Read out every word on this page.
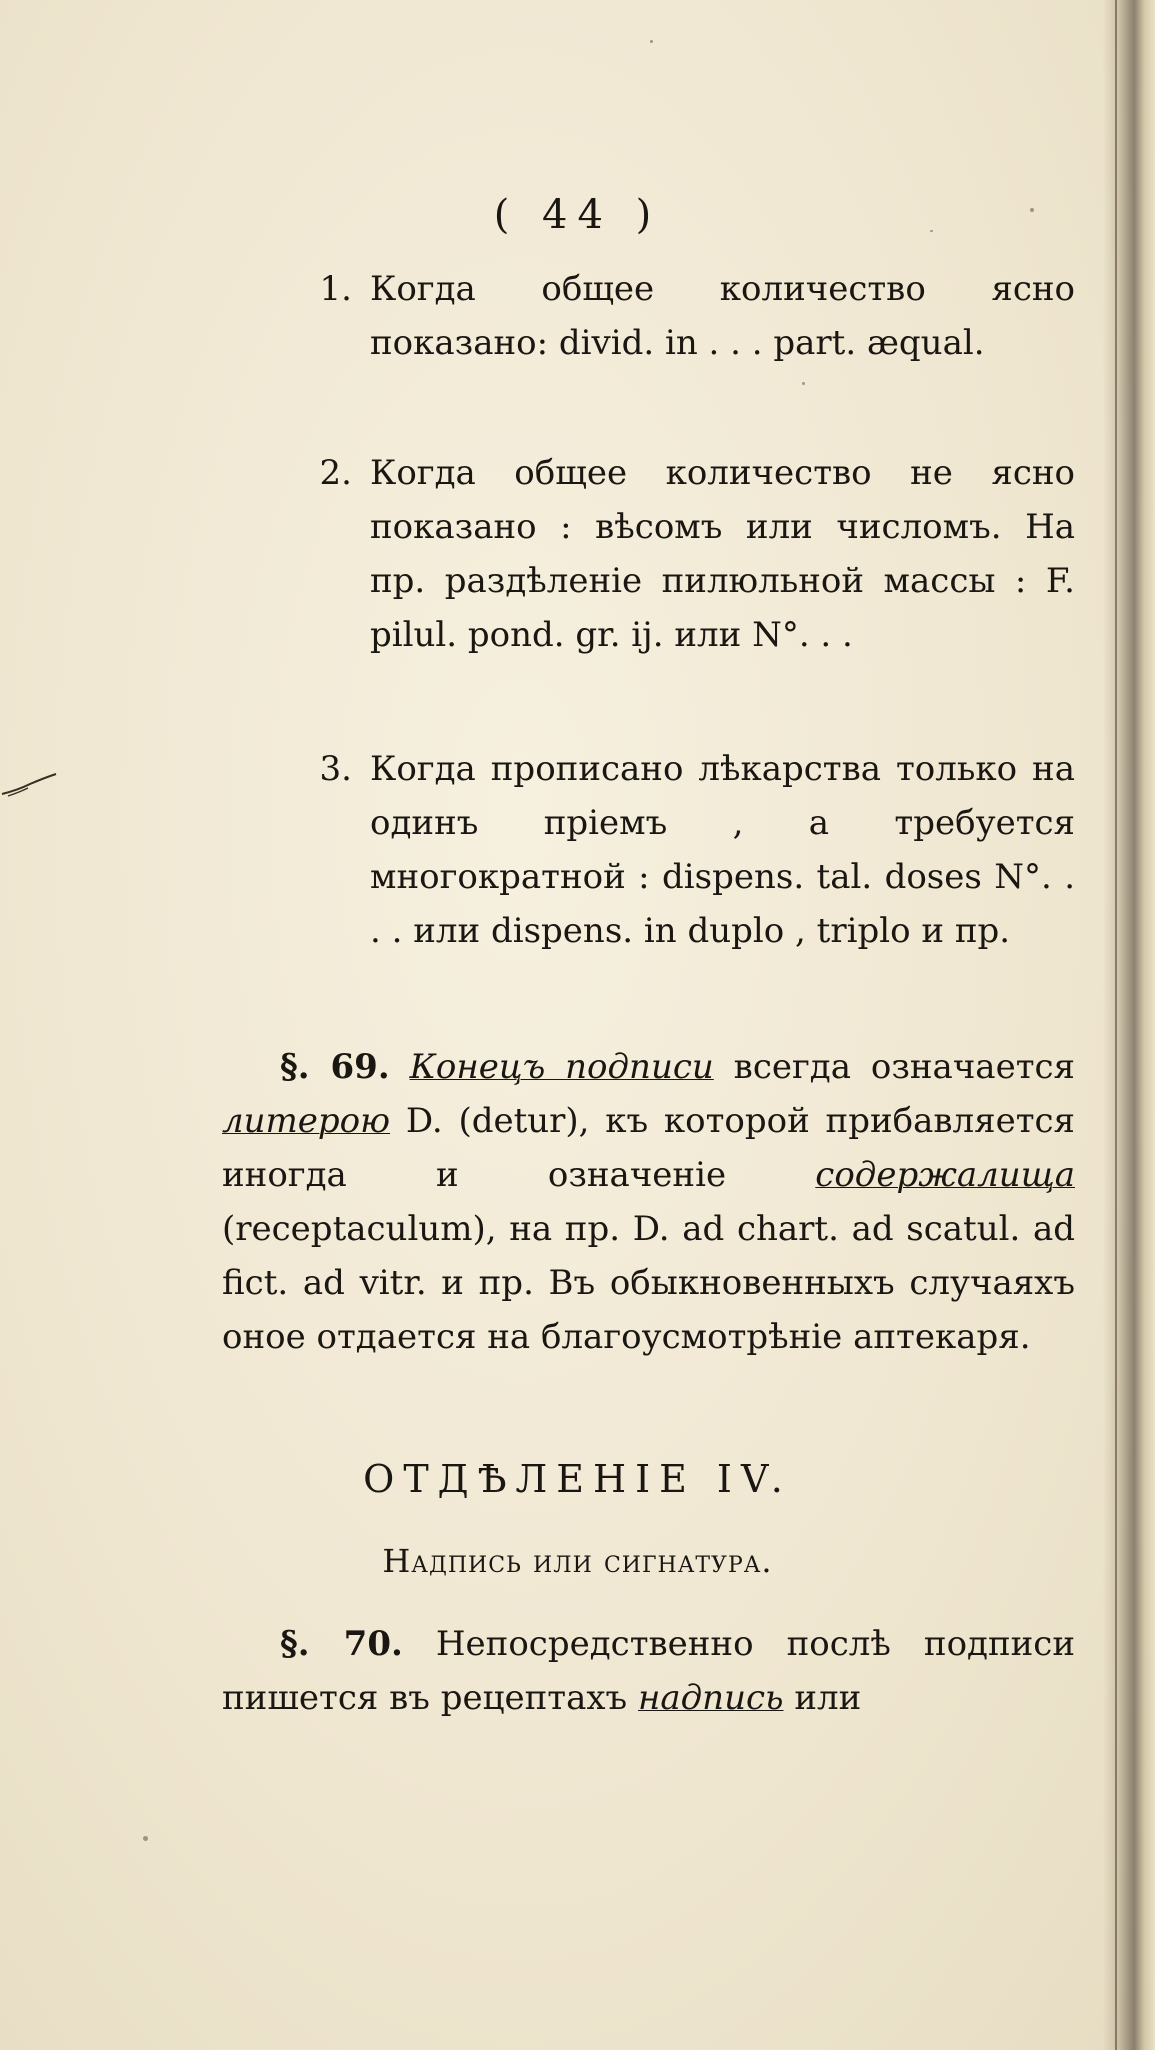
( 44 )
1. Когда общее количество ясно показано: divid. in . . . part. æqual.

2. Когда общее количество не ясно показано : вѣсомъ или числомъ. На пр. раздѣленіе пилюльной массы : F. pilul. pond. gr. ij. или N°. . .

3. Когда прописано лѣкарства только на одинъ пріемъ , а требуется многократной : dispens. tal. doses N°. . . . или dispens. in duplo , triplo и пр.

§. 69. Конецъ подписи всегда означается литерою D. (detur), къ которой прибавляется иногда и означеніе содержалища (receptaculum), на пр. D. ad chart. ad scatul. ad fict. ad vitr. и пр. Въ обыкновенныхъ случаяхъ оное отдается на благоусмотрѣніе аптекаря.

ОТДѢЛЕНІЕ IV.
Надпись или сигнатура.

§. 70. Непосредственно послѣ подписи пишется въ рецептахъ надпись или
